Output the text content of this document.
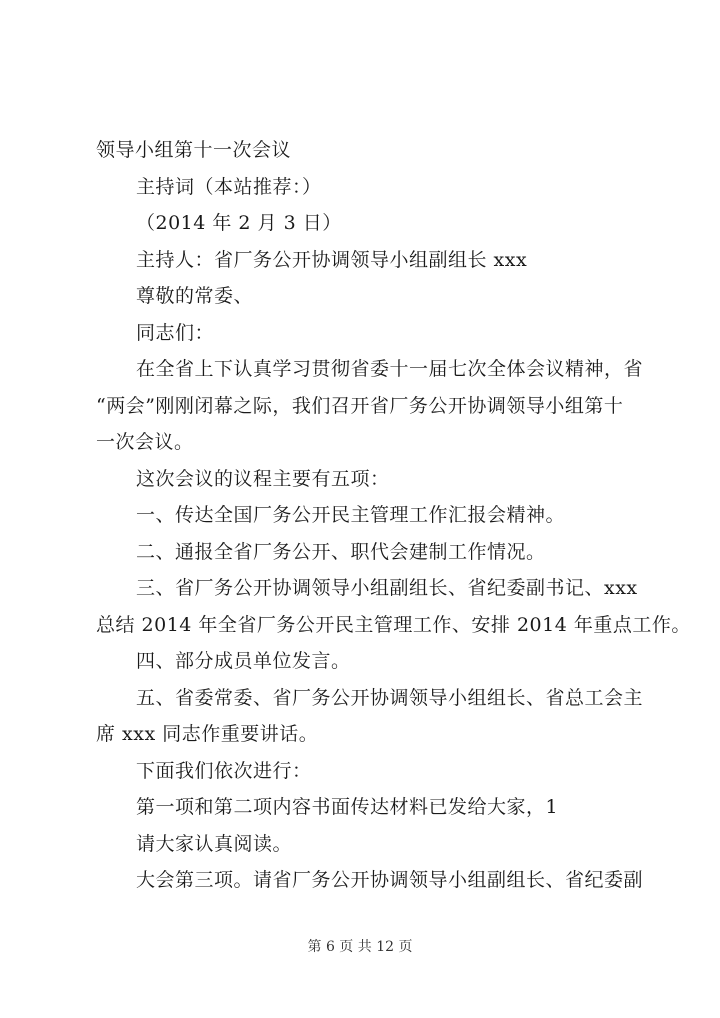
领导小组第十一次会议
主持词（本站推荐：）
（2014 年 2 月 3 日）
主持人：省厂务公开协调领导小组副组长 xxx
尊敬的常委、
同志们：
在全省上下认真学习贯彻省委十一届七次全体会议精神，省
“两会”刚刚闭幕之际，我们召开省厂务公开协调领导小组第十
一次会议。
这次会议的议程主要有五项：
一、传达全国厂务公开民主管理工作汇报会精神。
二、通报全省厂务公开、职代会建制工作情况。
三、省厂务公开协调领导小组副组长、省纪委副书记、xxx
总结 2014 年全省厂务公开民主管理工作、安排 2014 年重点工作。
四、部分成员单位发言。
五、省委常委、省厂务公开协调领导小组组长、省总工会主
席 xxx 同志作重要讲话。
下面我们依次进行：
第一项和第二项内容书面传达材料已发给大家，1
请大家认真阅读。
大会第三项。请省厂务公开协调领导小组副组长、省纪委副
第 6 页 共 12 页
